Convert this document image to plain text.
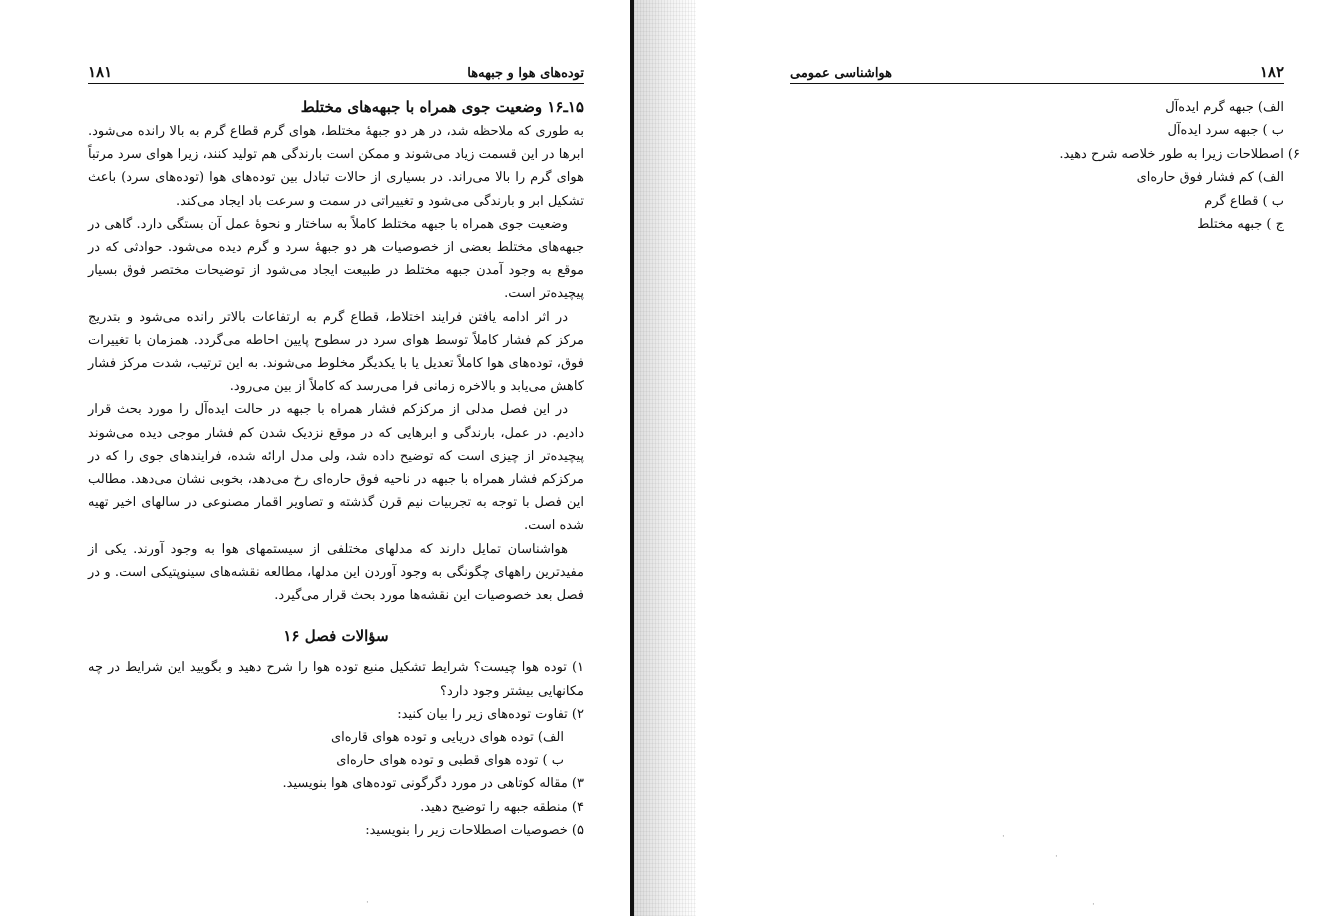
توده‌های هوا و جبهه‌ها
۱۸۱
۱۵ـ۱۶ وضعیت جوی همراه با جبهه‌های مختلط

به طوری که ملاحظه شد، در هر دو جبههٔ مختلط، هوای گرم قطاع گرم به بالا رانده می‌شود. ابرها در این قسمت زیاد می‌شوند و ممکن است بارندگی هم تولید کنند، زیرا هوای سرد مرتباً هوای گرم را بالا می‌راند. در بسیاری از حالات تبادل بین توده‌های هوا (توده‌های سرد) باعث تشکیل ابر و بارندگی می‌شود و تغییراتی در سمت و سرعت باد ایجاد می‌کند.

وضعیت جوی همراه با جبهه مختلط کاملاً به ساختار و نحوهٔ عمل آن بستگی دارد. گاهی در جبهه‌های مختلط بعضی از خصوصیات هر دو جبههٔ سرد و گرم دیده می‌شود. حوادثی که در موقع به وجود آمدن جبهه مختلط در طبیعت ایجاد می‌شود از توضیحات مختصر فوق بسیار پیچیده‌تر است.

در اثر ادامه یافتن فرایند اختلاط، قطاع گرم به ارتفاعات بالاتر رانده می‌شود و بتدریج مرکز کم فشار کاملاً توسط هوای سرد در سطوح پایین احاطه می‌گردد. همزمان با تغییرات فوق، توده‌های هوا کاملاً تعدیل یا با یکدیگر مخلوط می‌شوند. به این ترتیب، شدت مرکز فشار کاهش می‌یابد و بالاخره زمانی فرا می‌رسد که کاملاً از بین می‌رود.

در این فصل مدلی از مرکزکم فشار همراه با جبهه در حالت ایده‌آل را مورد بحث قرار دادیم. در عمل، بارندگی و ابرهایی که در موقع نزدیک شدن کم فشار موجی دیده می‌شوند پیچیده‌تر از چیزی است که توضیح داده شد، ولی مدل ارائه شده، فرایندهای جوی را که در مرکزکم فشار همراه با جبهه در ناحیه فوق حاره‌ای رخ می‌دهد، بخوبی نشان می‌دهد. مطالب این فصل با توجه به تجربیات نیم قرن گذشته و تصاویر اقمار مصنوعی در سالهای اخیر تهیه شده است.

هواشناسان تمایل دارند که مدلهای مختلفی از سیستمهای هوا به وجود آورند. یکی از مفیدترین راههای چگونگی به وجود آوردن این مدلها، مطالعه نقشه‌های سینوپتیکی است. و در فصل بعد خصوصیات این نقشه‌ها مورد بحث قرار می‌گیرد.

سؤالات فصل ۱۶

۱) توده هوا چیست؟ شرایط تشکیل منبع توده هوا را شرح دهید و بگویید این شرایط در چه مکانهایی بیشتر وجود دارد؟

۲) تفاوت توده‌های زیر را بیان کنید:

الف) توده هوای دریایی و توده هوای قاره‌ای

ب ) توده هوای قطبی و توده هوای حاره‌ای

۳) مقاله کوتاهی در مورد دگرگونی توده‌های هوا بنویسید.

۴) منطقه جبهه را توضیح دهید.

۵) خصوصیات اصطلاحات زیر را بنویسید:

۱۸۲
هواشناسی عمومی
الف) جبهه گرم ایده‌آل
ب ) جبهه سرد ایده‌آل
۶) اصطلاحات زیرا به طور خلاصه شرح دهید.
الف) کم فشار فوق حاره‌ای
ب ) قطاع گرم
ج ) جبهه مختلط
·
·
·
·
